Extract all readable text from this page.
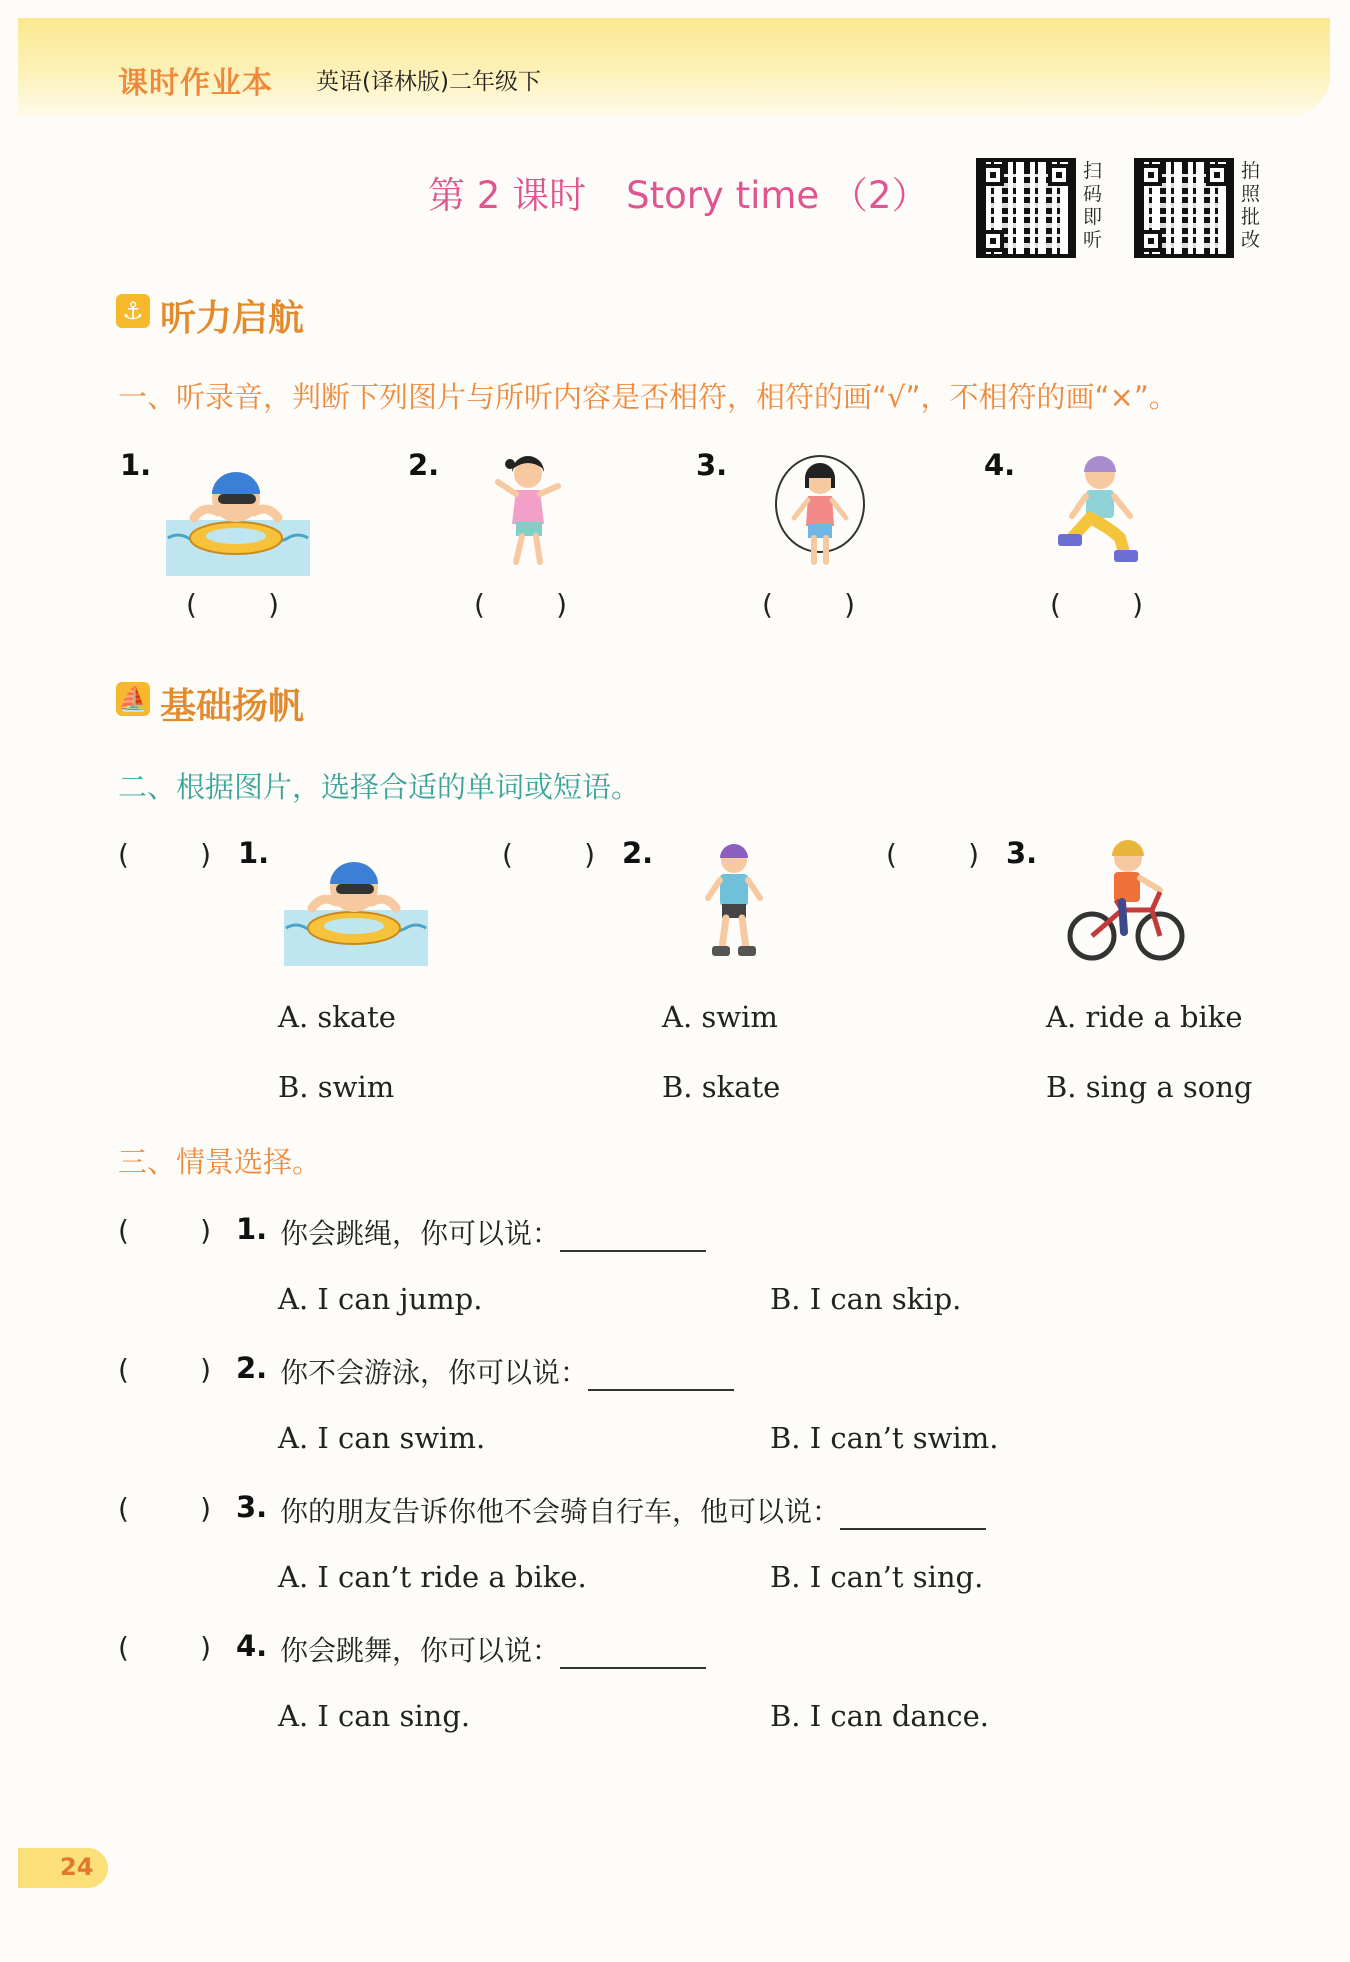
课时作业本 英语(译林版)二年级下
第 2 课时 Story time （2）
扫码即听
拍照批改
⚓ 听力启航
一、听录音，判断下列图片与所听内容是否相符，相符的画“√”，不相符的画“×”。
1.	2.	3.	4.
(        )	(        )	(        )	(        )
⛵ 基础扬帆
二、根据图片，选择合适的单词或短语。
(        ) 1.	(        ) 2.	(        ) 3.
A. skate
B. swim
A. swim
B. skate
A. ride a bike
B. sing a song
三、情景选择。
(        ) 1. 你会跳绳，你可以说：
A. I can jump.	B. I can skip.
(        ) 2. 你不会游泳，你可以说：
A. I can swim.	B. I can’t swim.
(        ) 3. 你的朋友告诉你他不会骑自行车，他可以说：
A. I can’t ride a bike.	B. I can’t sing.
(        ) 4. 你会跳舞，你可以说：
A. I can sing.	B. I can dance.
24
